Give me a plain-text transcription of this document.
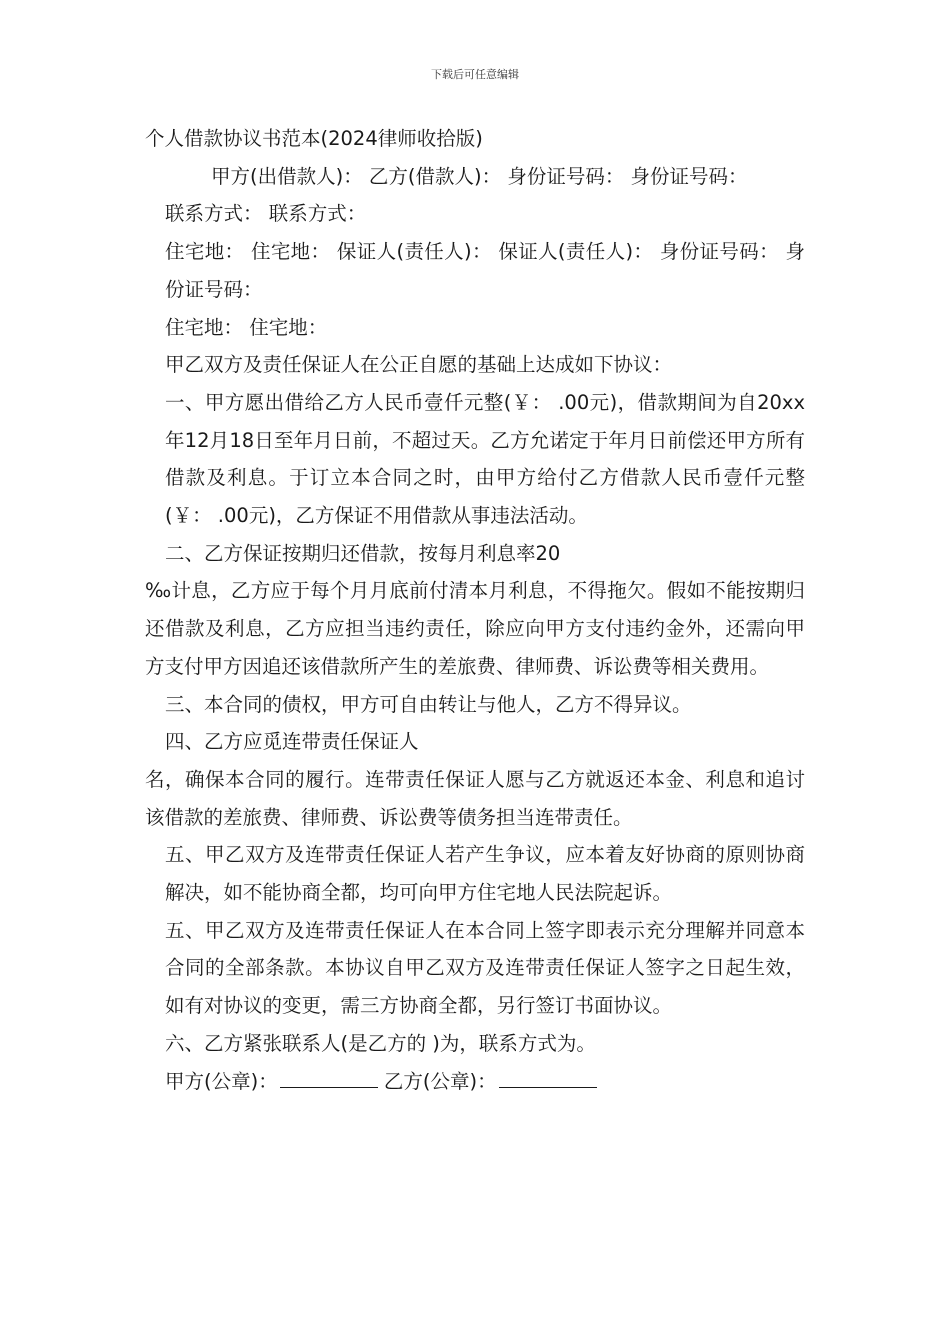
下载后可任意编辑

个人借款协议书范本(2024律师收拾版)

甲方(出借款人)： 乙方(借款人)： 身份证号码： 身份证号码：

联系方式： 联系方式：

住宅地： 住宅地： 保证人(责任人)： 保证人(责任人)： 身份证号码： 身份证号码：

住宅地： 住宅地：

甲乙双方及责任保证人在公正自愿的基础上达成如下协议：

一、甲方愿出借给乙方人民币壹仟元整(￥： .00元)，借款期间为自20xx年12月18日至年月日前，不超过天。乙方允诺定于年月日前偿还甲方所有借款及利息。于订立本合同之时，由甲方给付乙方借款人民币壹仟元整(￥： .00元)，乙方保证不用借款从事违法活动。

二、乙方保证按期归还借款，按每月利息率20

‰计息，乙方应于每个月月底前付清本月利息，不得拖欠。假如不能按期归还借款及利息，乙方应担当违约责任，除应向甲方支付违约金外，还需向甲方支付甲方因追还该借款所产生的差旅费、律师费、诉讼费等相关费用。

三、本合同的债权，甲方可自由转让与他人，乙方不得异议。

四、乙方应觅连带责任保证人

名，确保本合同的履行。连带责任保证人愿与乙方就返还本金、利息和追讨该借款的差旅费、律师费、诉讼费等债务担当连带责任。

五、甲乙双方及连带责任保证人若产生争议，应本着友好协商的原则协商解决，如不能协商全都，均可向甲方住宅地人民法院起诉。

五、甲乙双方及连带责任保证人在本合同上签字即表示充分理解并同意本合同的全部条款。本协议自甲乙双方及连带责任保证人签字之日起生效，如有对协议的变更，需三方协商全都，另行签订书面协议。

六、乙方紧张联系人(是乙方的 )为，联系方式为。

甲方(公章)：	乙方(公章)：
